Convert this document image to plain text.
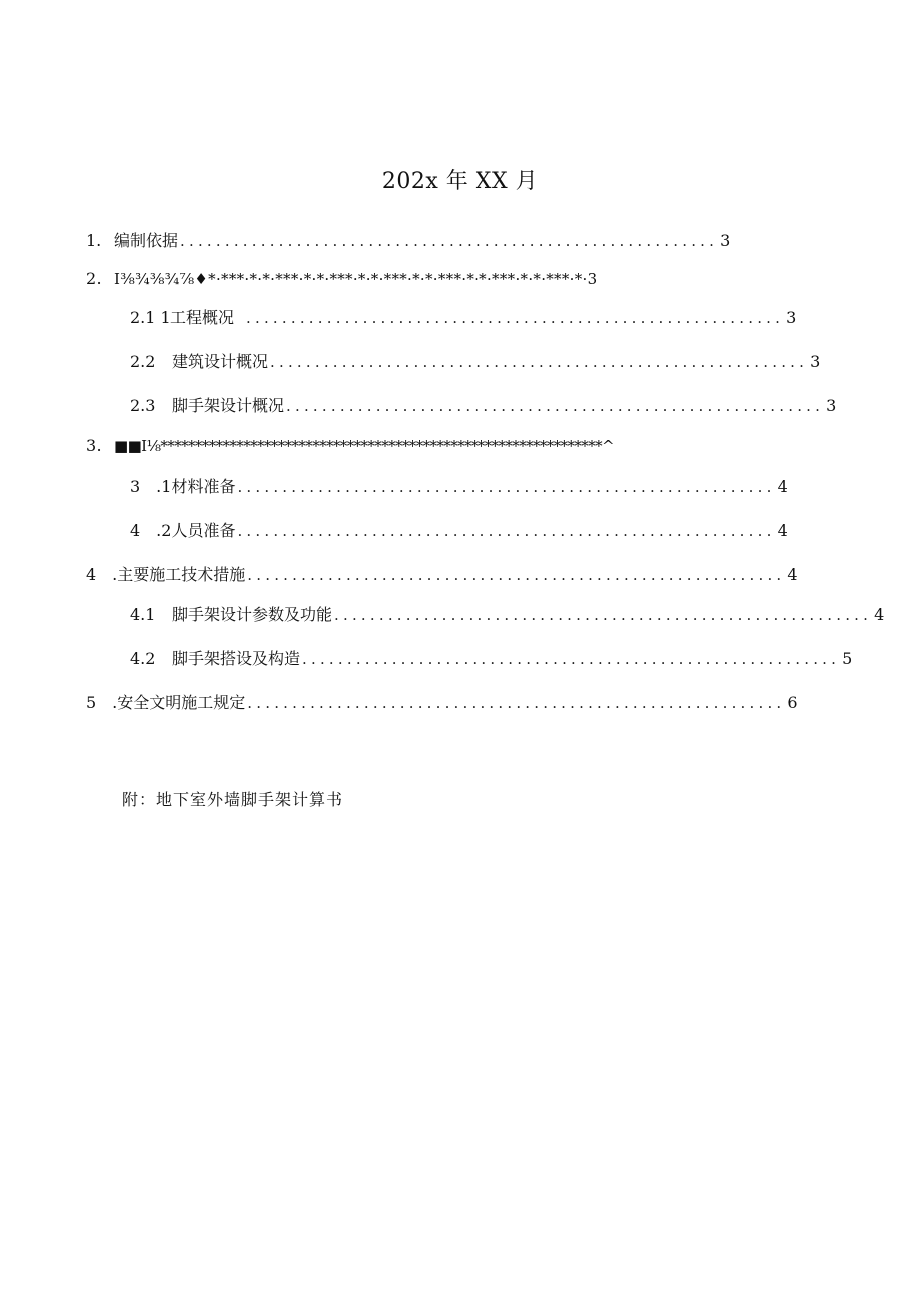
202x 年 XX 月
1. 编制依据 ............................................................ 3
2. I⅜¾⅜¾⅞♦*·***·*·*·***·*·*·***·*·*·***·*·*·***·*·*·***·*·*·***·*·3
2.1 1 工程概况 ............................................................ 3
2.2	建筑设计概况 ............................................................ 3
2.3	脚手架设计概况 ............................................................ 3
3. ■■I⅛****************************************************************^
3　.1 材料准备 ............................................................ 4
4　.2 人员准备 ............................................................ 4
4　. 主要施工技术措施 ............................................................ 4
4.1	脚手架设计参数及功能 ............................................................ 4
4.2	脚手架搭设及构造 ............................................................ 5
5　. 安全文明施工规定 ............................................................ 6
附：地下室外墙脚手架计算书
